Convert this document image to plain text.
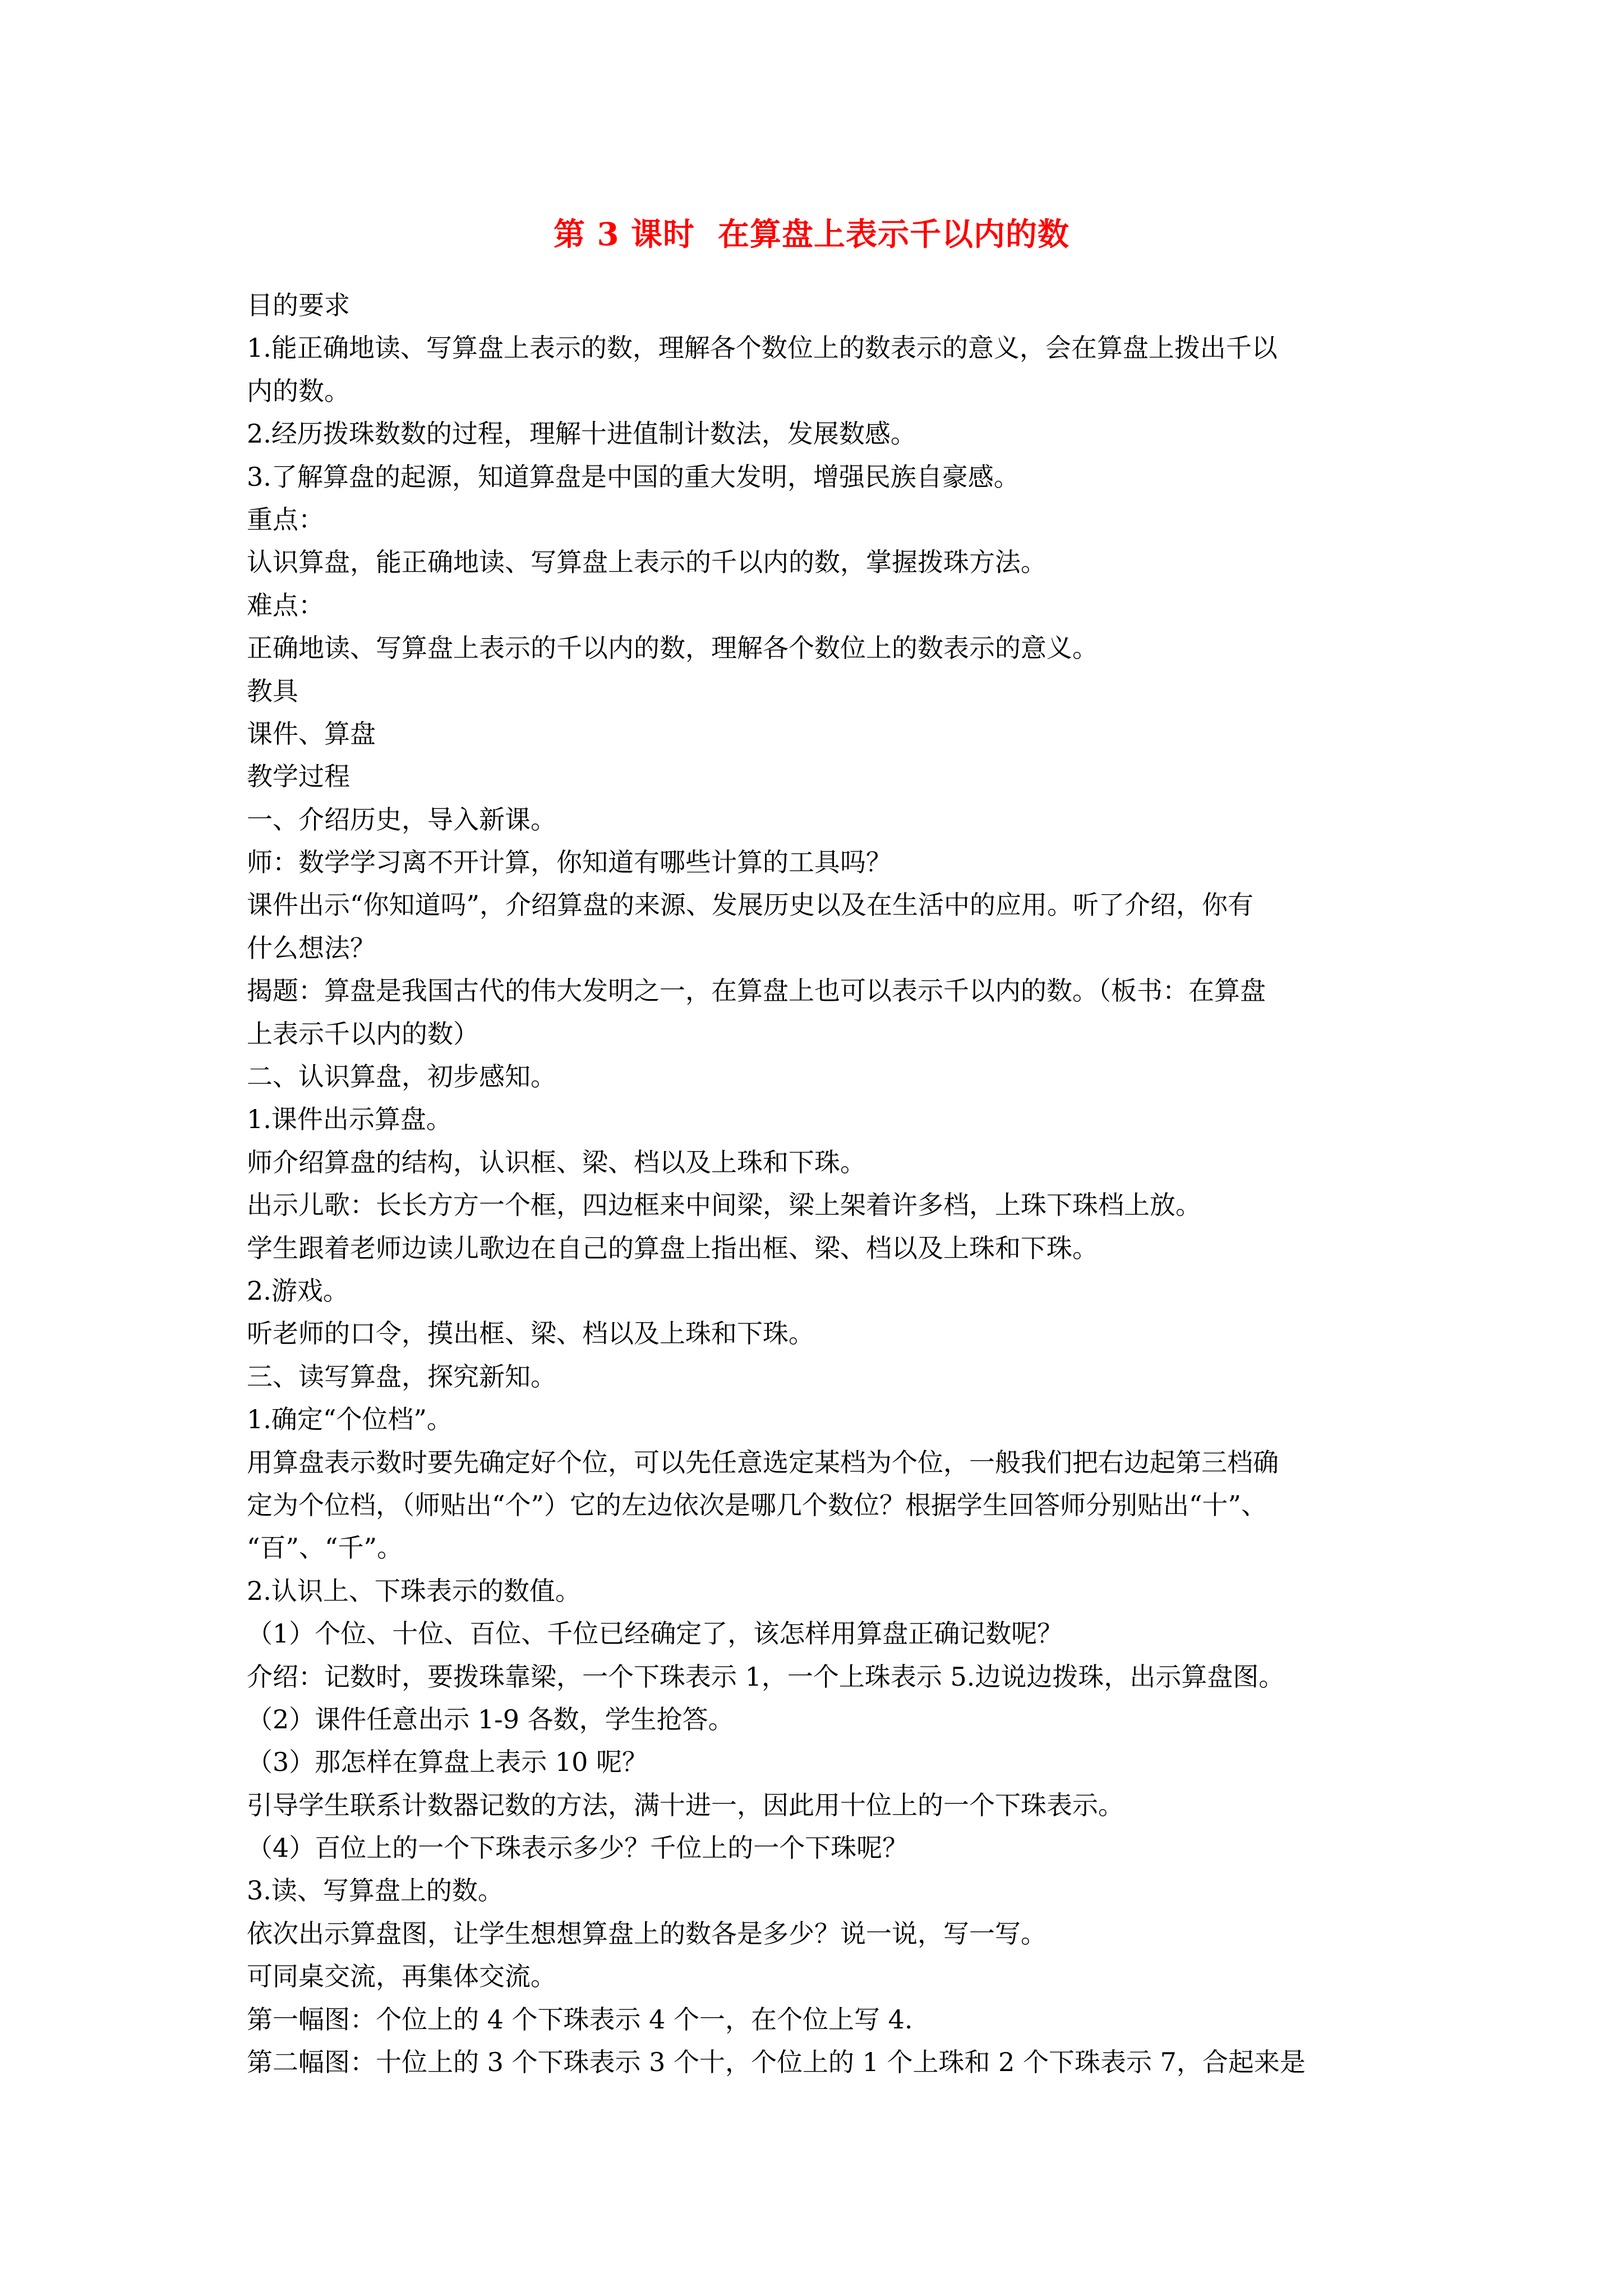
第 3 课时  在算盘上表示千以内的数
目的要求
1.能正确地读、写算盘上表示的数，理解各个数位上的数表示的意义，会在算盘上拨出千以
内的数。
2.经历拨珠数数的过程，理解十进值制计数法，发展数感。
3.了解算盘的起源，知道算盘是中国的重大发明，增强民族自豪感。
重点：
认识算盘，能正确地读、写算盘上表示的千以内的数，掌握拨珠方法。
难点：
正确地读、写算盘上表示的千以内的数，理解各个数位上的数表示的意义。
教具
课件、算盘
教学过程
一、介绍历史，导入新课。
师：数学学习离不开计算，你知道有哪些计算的工具吗？
课件出示“你知道吗”，介绍算盘的来源、发展历史以及在生活中的应用。听了介绍，你有
什么想法？
揭题：算盘是我国古代的伟大发明之一，在算盘上也可以表示千以内的数。（板书：在算盘
上表示千以内的数）
二、认识算盘，初步感知。
1.课件出示算盘。
师介绍算盘的结构，认识框、梁、档以及上珠和下珠。
出示儿歌：长长方方一个框，四边框来中间梁，梁上架着许多档，上珠下珠档上放。
学生跟着老师边读儿歌边在自己的算盘上指出框、梁、档以及上珠和下珠。
2.游戏。
听老师的口令，摸出框、梁、档以及上珠和下珠。
三、读写算盘，探究新知。
1.确定“个位档”。
用算盘表示数时要先确定好个位，可以先任意选定某档为个位，一般我们把右边起第三档确
定为个位档，（师贴出“个”）它的左边依次是哪几个数位？根据学生回答师分别贴出“十”、
“百”、“千”。
2.认识上、下珠表示的数值。
（1）个位、十位、百位、千位已经确定了，该怎样用算盘正确记数呢？
介绍：记数时，要拨珠靠梁，一个下珠表示 1，一个上珠表示 5.边说边拨珠，出示算盘图。
（2）课件任意出示 1-9 各数，学生抢答。
（3）那怎样在算盘上表示 10 呢？
引导学生联系计数器记数的方法，满十进一，因此用十位上的一个下珠表示。
（4）百位上的一个下珠表示多少？千位上的一个下珠呢？
3.读、写算盘上的数。
依次出示算盘图，让学生想想算盘上的数各是多少？说一说，写一写。
可同桌交流，再集体交流。
第一幅图：个位上的 4 个下珠表示 4 个一，在个位上写 4.
第二幅图：十位上的 3 个下珠表示 3 个十，个位上的 1 个上珠和 2 个下珠表示 7，合起来是
